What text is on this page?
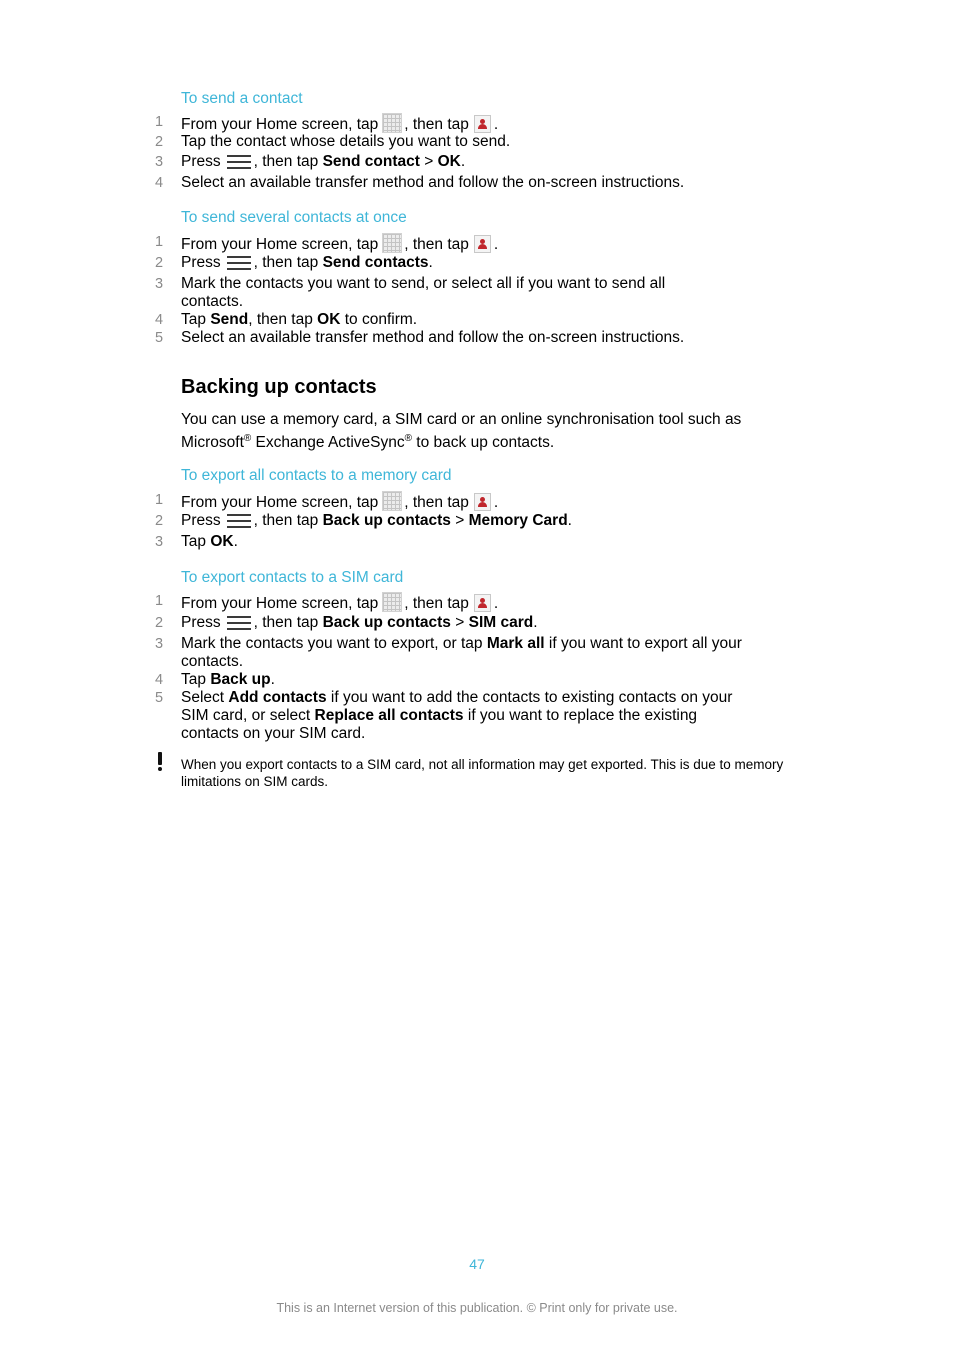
To send a contact
1 From your Home screen, tap , then tap .
2 Tap the contact whose details you want to send.
3 Press , then tap Send contact > OK.
4 Select an available transfer method and follow the on-screen instructions.
To send several contacts at once
1 From your Home screen, tap , then tap .
2 Press , then tap Send contacts.
3 Mark the contacts you want to send, or select all if you want to send all contacts.
4 Tap Send, then tap OK to confirm.
5 Select an available transfer method and follow the on-screen instructions.
Backing up contacts
You can use a memory card, a SIM card or an online synchronisation tool such as Microsoft® Exchange ActiveSync® to back up contacts.
To export all contacts to a memory card
1 From your Home screen, tap , then tap .
2 Press , then tap Back up contacts > Memory Card.
3 Tap OK.
To export contacts to a SIM card
1 From your Home screen, tap , then tap .
2 Press , then tap Back up contacts > SIM card.
3 Mark the contacts you want to export, or tap Mark all if you want to export all your contacts.
4 Tap Back up.
5 Select Add contacts if you want to add the contacts to existing contacts on your SIM card, or select Replace all contacts if you want to replace the existing contacts on your SIM card.
When you export contacts to a SIM card, not all information may get exported. This is due to memory limitations on SIM cards.
47
This is an Internet version of this publication. © Print only for private use.
